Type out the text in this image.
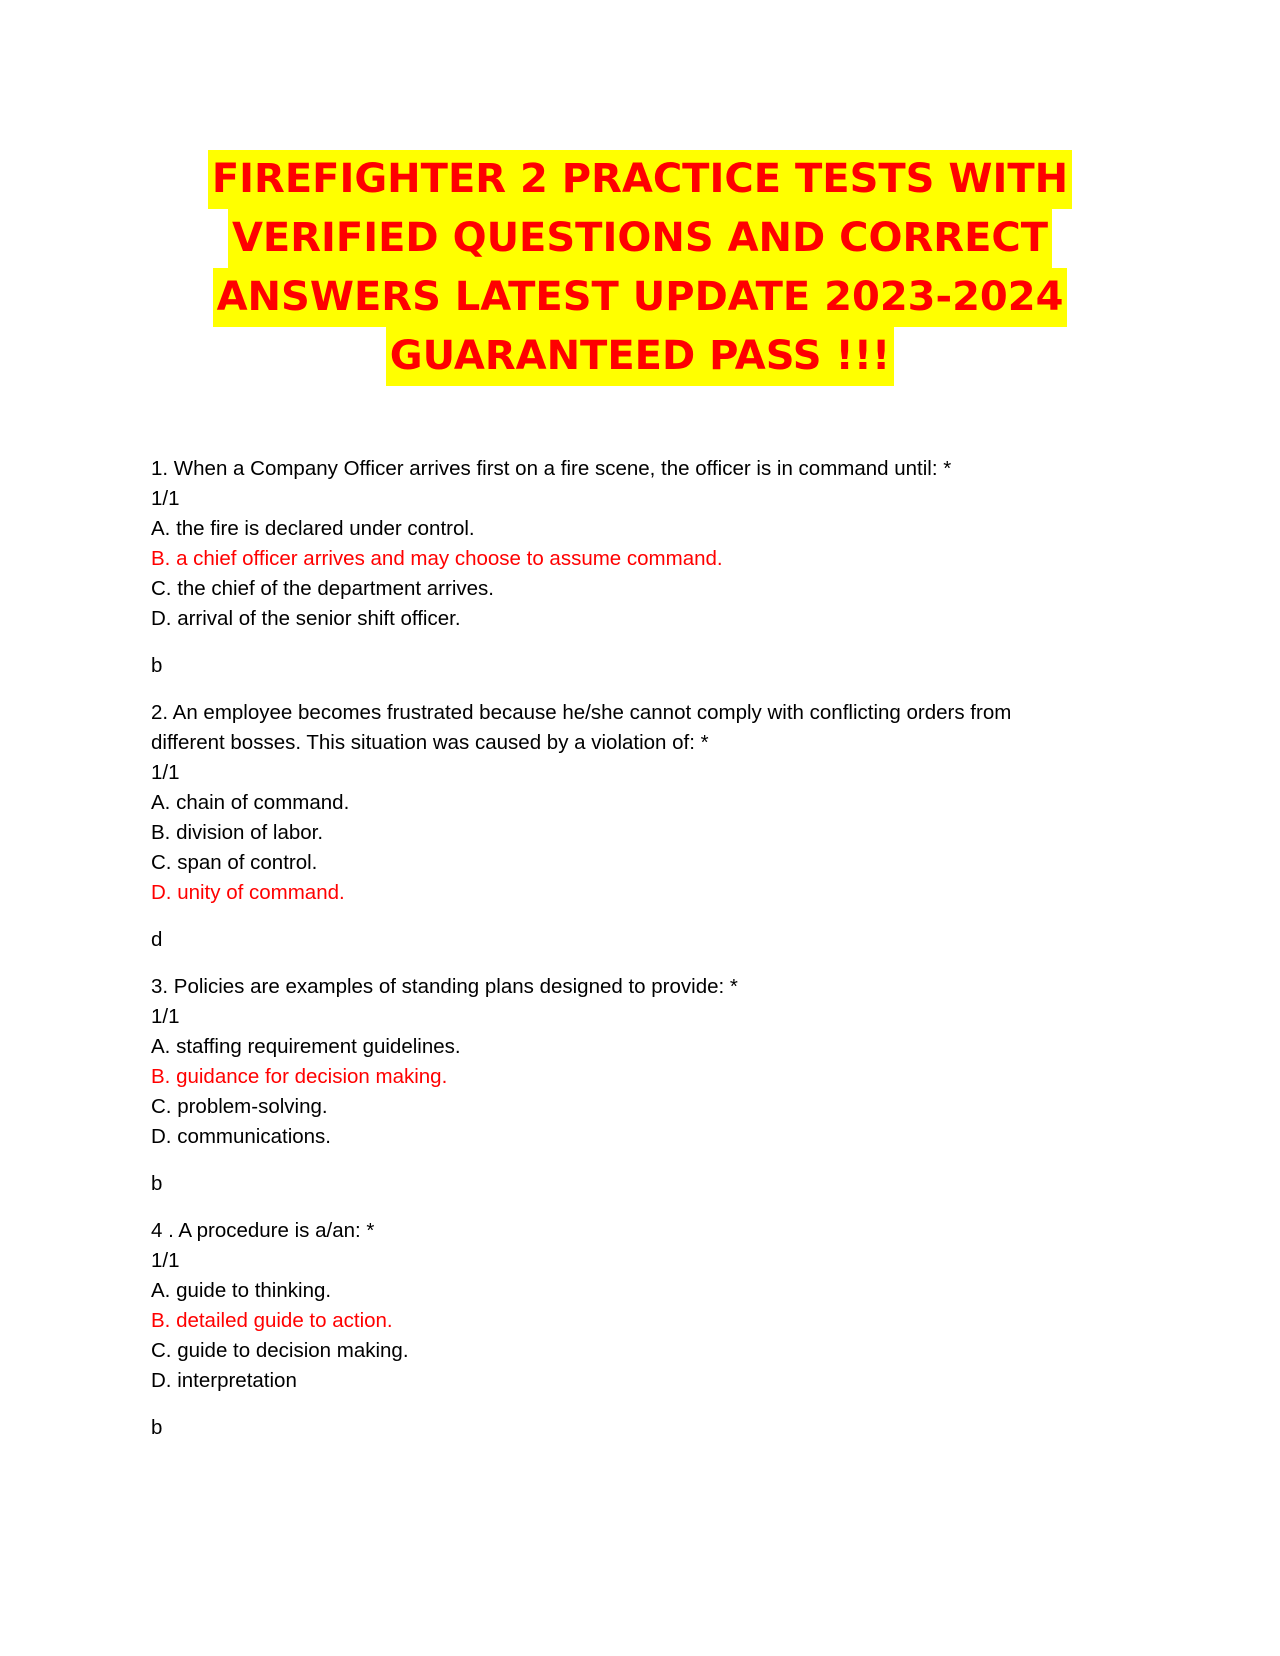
FIREFIGHTER 2 PRACTICE TESTS WITH
VERIFIED QUESTIONS AND CORRECT
ANSWERS LATEST UPDATE 2023-2024
GUARANTEED PASS !!!
1. When a Company Officer arrives first on a fire scene, the officer is in command until: *
1/1
A. the fire is declared under control.
B. a chief officer arrives and may choose to assume command.
C. the chief of the department arrives.
D. arrival of the senior shift officer.
b
2. An employee becomes frustrated because he/she cannot comply with conflicting orders from
different bosses. This situation was caused by a violation of: *
1/1
A. chain of command.
B. division of labor.
C. span of control.
D. unity of command.
d
3. Policies are examples of standing plans designed to provide: *
1/1
A. staffing requirement guidelines.
B. guidance for decision making.
C. problem-solving.
D. communications.
b
4 . A procedure is a/an: *
1/1
A. guide to thinking.
B. detailed guide to action.
C. guide to decision making.
D. interpretation
b
